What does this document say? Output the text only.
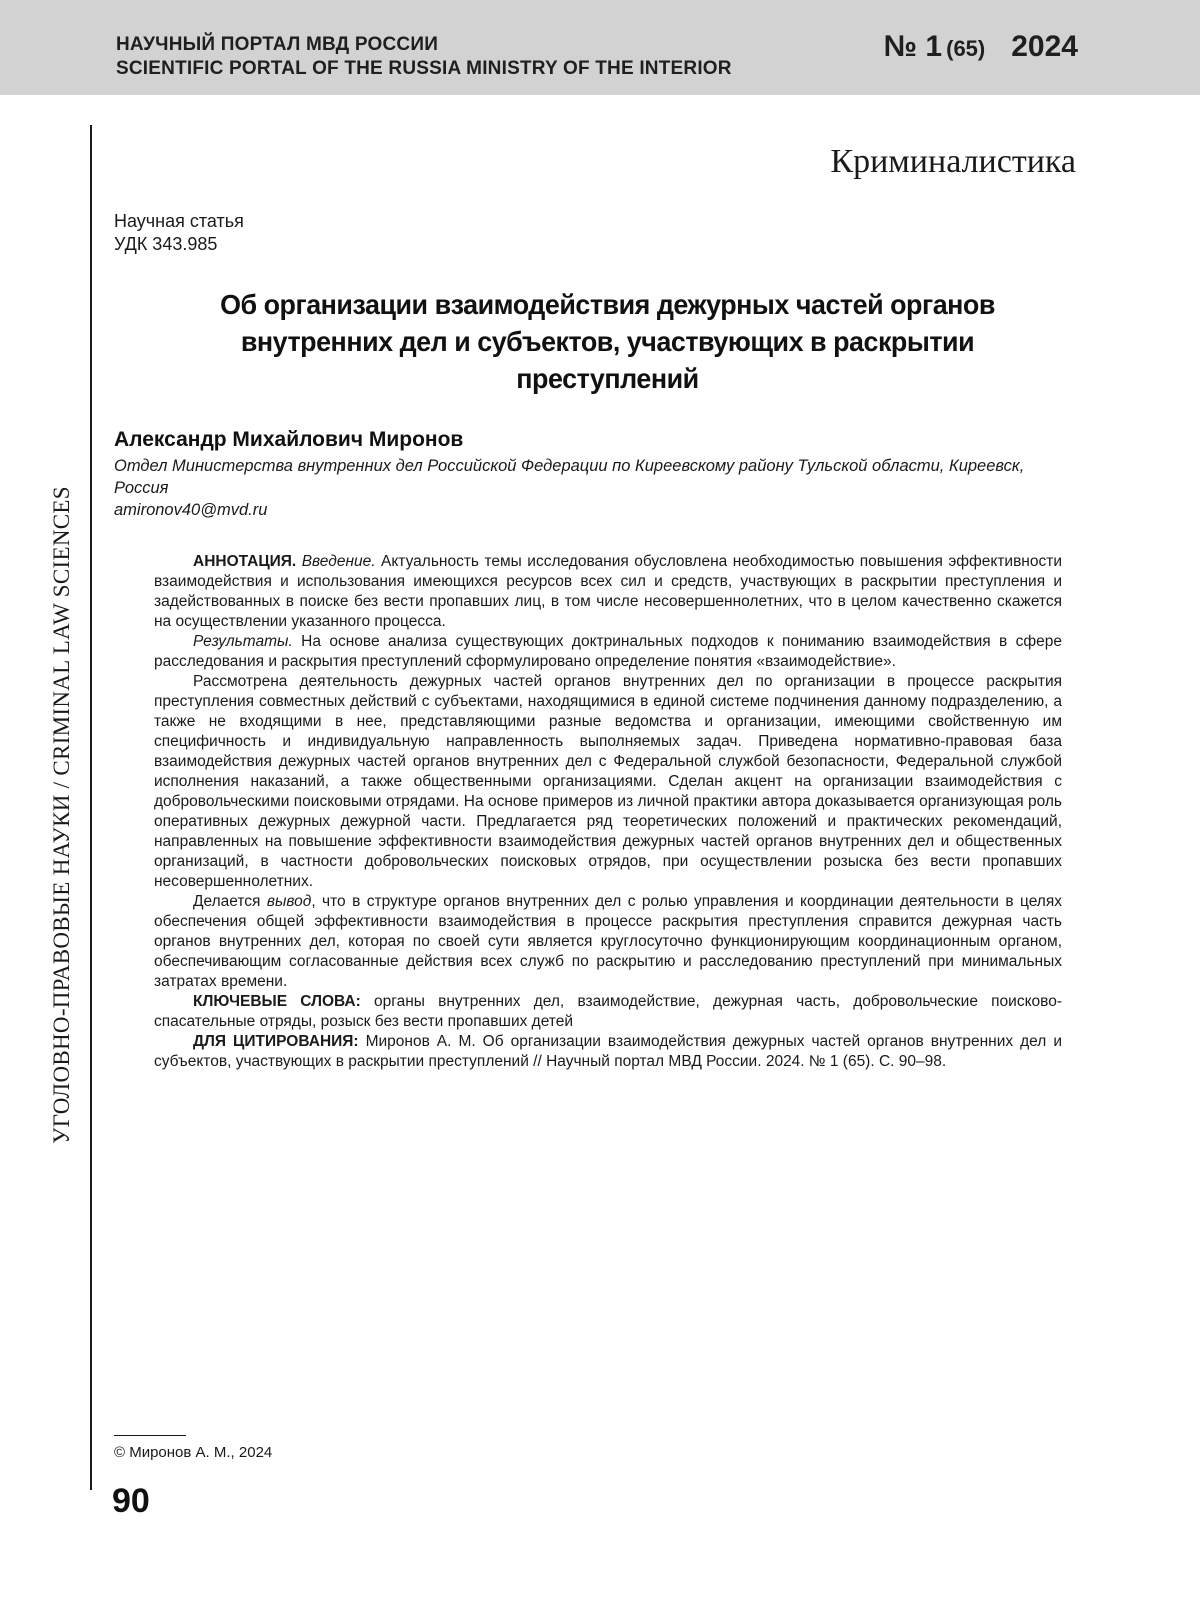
НАУЧНЫЙ ПОРТАЛ МВД РОССИИ
SCIENTIFIC PORTAL OF THE RUSSIA MINISTRY OF THE INTERIOR
№ 1 (65) 2024
УГОЛОВНО-ПРАВОВЫЕ НАУКИ / CRIMINAL LAW SCIENCES
Криминалистика
Научная статья
УДК 343.985
Об организации взаимодействия дежурных частей органов внутренних дел и субъектов, участвующих в раскрытии преступлений
Александр Михайлович Миронов
Отдел Министерства внутренних дел Российской Федерации по Киреевскому району Тульской области, Киреевск, Россия
amironov40@mvd.ru

АННОТАЦИЯ. Введение. Актуальность темы исследования обусловлена необходимостью повышения эффективности взаимодействия и использования имеющихся ресурсов всех сил и средств, участвующих в раскрытии преступления и задействованных в поиске без вести пропавших лиц, в том числе несовершеннолетних, что в целом качественно скажется на осуществлении указанного процесса.

Результаты. На основе анализа существующих доктринальных подходов к пониманию взаимодействия в сфере расследования и раскрытия преступлений сформулировано определение понятия «взаимодействие».

Рассмотрена деятельность дежурных частей органов внутренних дел по организации в процессе раскрытия преступления совместных действий с субъектами, находящимися в единой системе подчинения данному подразделению, а также не входящими в нее, представляющими разные ведомства и организации, имеющими свойственную им специфичность и индивидуальную направленность выполняемых задач. Приведена нормативно-правовая база взаимодействия дежурных частей органов внутренних дел с Федеральной службой безопасности, Федеральной службой исполнения наказаний, а также общественными организациями. Сделан акцент на организации взаимодействия с добровольческими поисковыми отрядами. На основе примеров из личной практики автора доказывается организующая роль оперативных дежурных дежурной части. Предлагается ряд теоретических положений и практических рекомендаций, направленных на повышение эффективности взаимодействия дежурных частей органов внутренних дел и общественных организаций, в частности добровольческих поисковых отрядов, при осуществлении розыска без вести пропавших несовершеннолетних.

Делается вывод, что в структуре органов внутренних дел с ролью управления и координации деятельности в целях обеспечения общей эффективности взаимодействия в процессе раскрытия преступления справится дежурная часть органов внутренних дел, которая по своей сути является круглосуточно функционирующим координационным органом, обеспечивающим согласованные действия всех служб по раскрытию и расследованию преступлений при минимальных затратах времени.

КЛЮЧЕВЫЕ СЛОВА: органы внутренних дел, взаимодействие, дежурная часть, добровольческие поисково-спасательные отряды, розыск без вести пропавших детей

ДЛЯ ЦИТИРОВАНИЯ: Миронов А. М. Об организации взаимодействия дежурных частей органов внутренних дел и субъектов, участвующих в раскрытии преступлений // Научный портал МВД России. 2024. № 1 (65). С. 90–98.

© Миронов А. М., 2024
90
